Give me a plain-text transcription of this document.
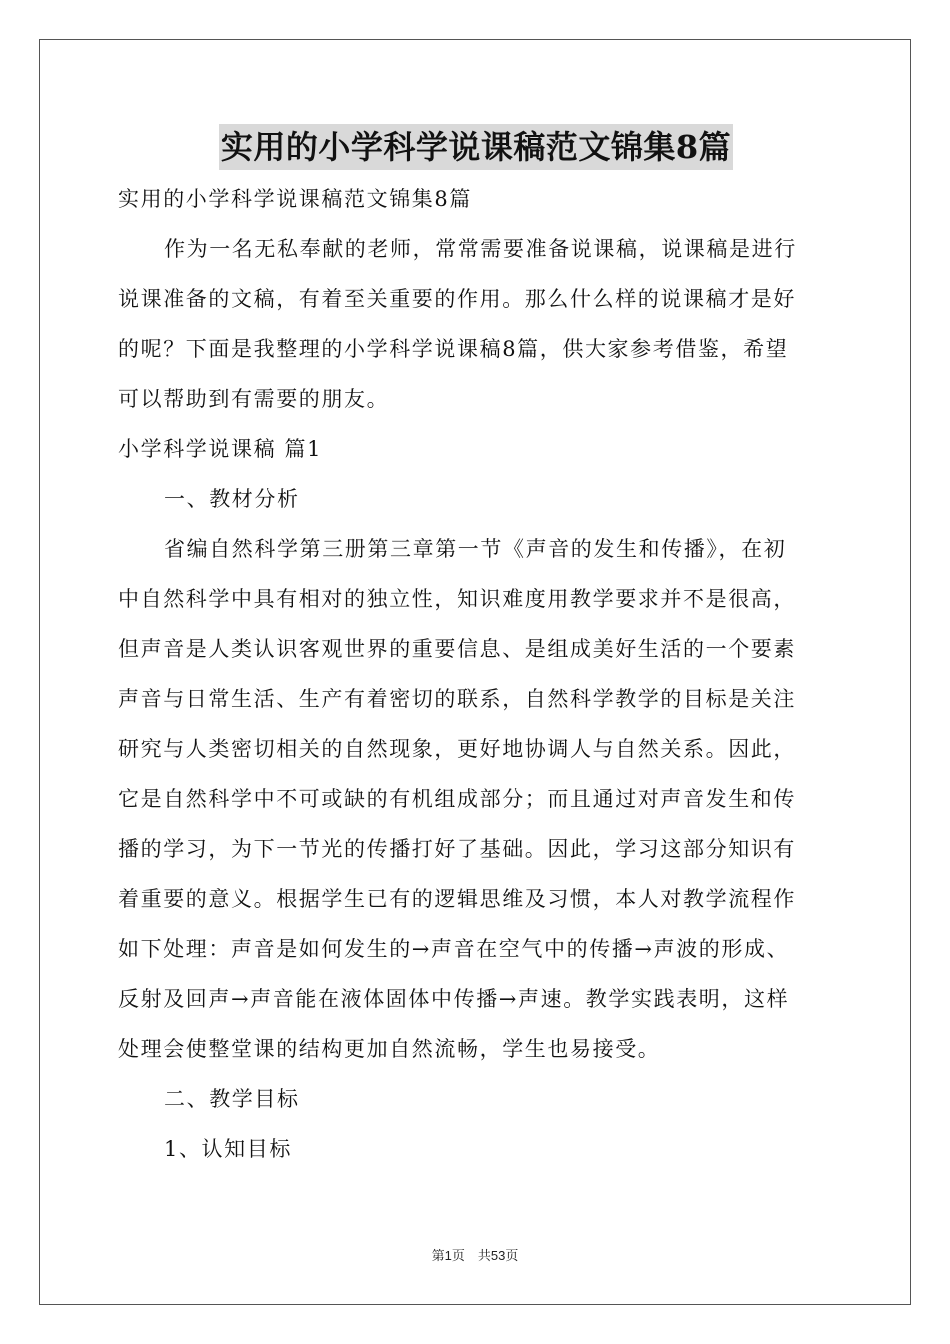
实用的小学科学说课稿范文锦集8篇
实用的小学科学说课稿范文锦集8篇
作为一名无私奉献的老师，常常需要准备说课稿，说课稿是进行
说课准备的文稿，有着至关重要的作用。那么什么样的说课稿才是好
的呢？下面是我整理的小学科学说课稿8篇，供大家参考借鉴，希望
可以帮助到有需要的朋友。
小学科学说课稿 篇1
一、教材分析
省编自然科学第三册第三章第一节《声音的发生和传播》，在初
中自然科学中具有相对的独立性，知识难度用教学要求并不是很高，
但声音是人类认识客观世界的重要信息、是组成美好生活的一个要素
声音与日常生活、生产有着密切的联系，自然科学教学的目标是关注
研究与人类密切相关的自然现象，更好地协调人与自然关系。因此，
它是自然科学中不可或缺的有机组成部分；而且通过对声音发生和传
播的学习，为下一节光的传播打好了基础。因此，学习这部分知识有
着重要的意义。根据学生已有的逻辑思维及习惯，本人对教学流程作
如下处理：声音是如何发生的→声音在空气中的传播→声波的形成、
反射及回声→声音能在液体固体中传播→声速。教学实践表明，这样
处理会使整堂课的结构更加自然流畅，学生也易接受。
二、教学目标
1、认知目标
第1页　共53页
